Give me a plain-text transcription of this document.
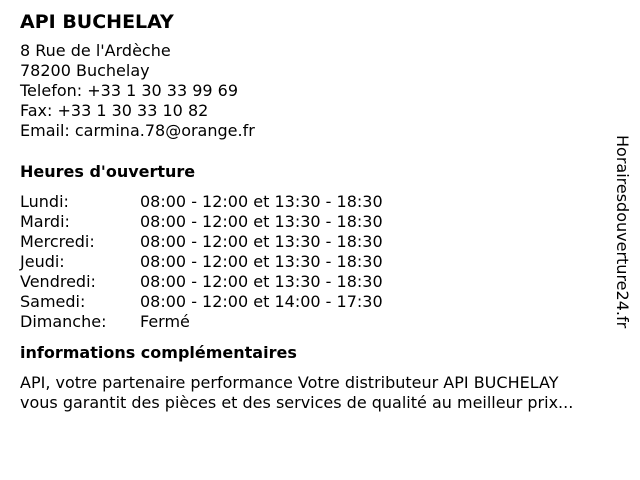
API BUCHELAY
8 Rue de l'Ardèche
78200 Buchelay
Telefon: +33 1 30 33 99 69
Fax: +33 1 30 33 10 82
Email: carmina.78@orange.fr
Heures d'ouverture
Lundi:	08:00 - 12:00 et 13:30 - 18:30
Mardi:	08:00 - 12:00 et 13:30 - 18:30
Mercredi:	08:00 - 12:00 et 13:30 - 18:30
Jeudi:	08:00 - 12:00 et 13:30 - 18:30
Vendredi:	08:00 - 12:00 et 13:30 - 18:30
Samedi:	08:00 - 12:00 et 14:00 - 17:30
Dimanche: Fermé
informations complémentaires
API, votre partenaire performance Votre distributeur API BUCHELAY
vous garantit des pièces et des services de qualité au meilleur prix...
Horairesdouverture24.fr
